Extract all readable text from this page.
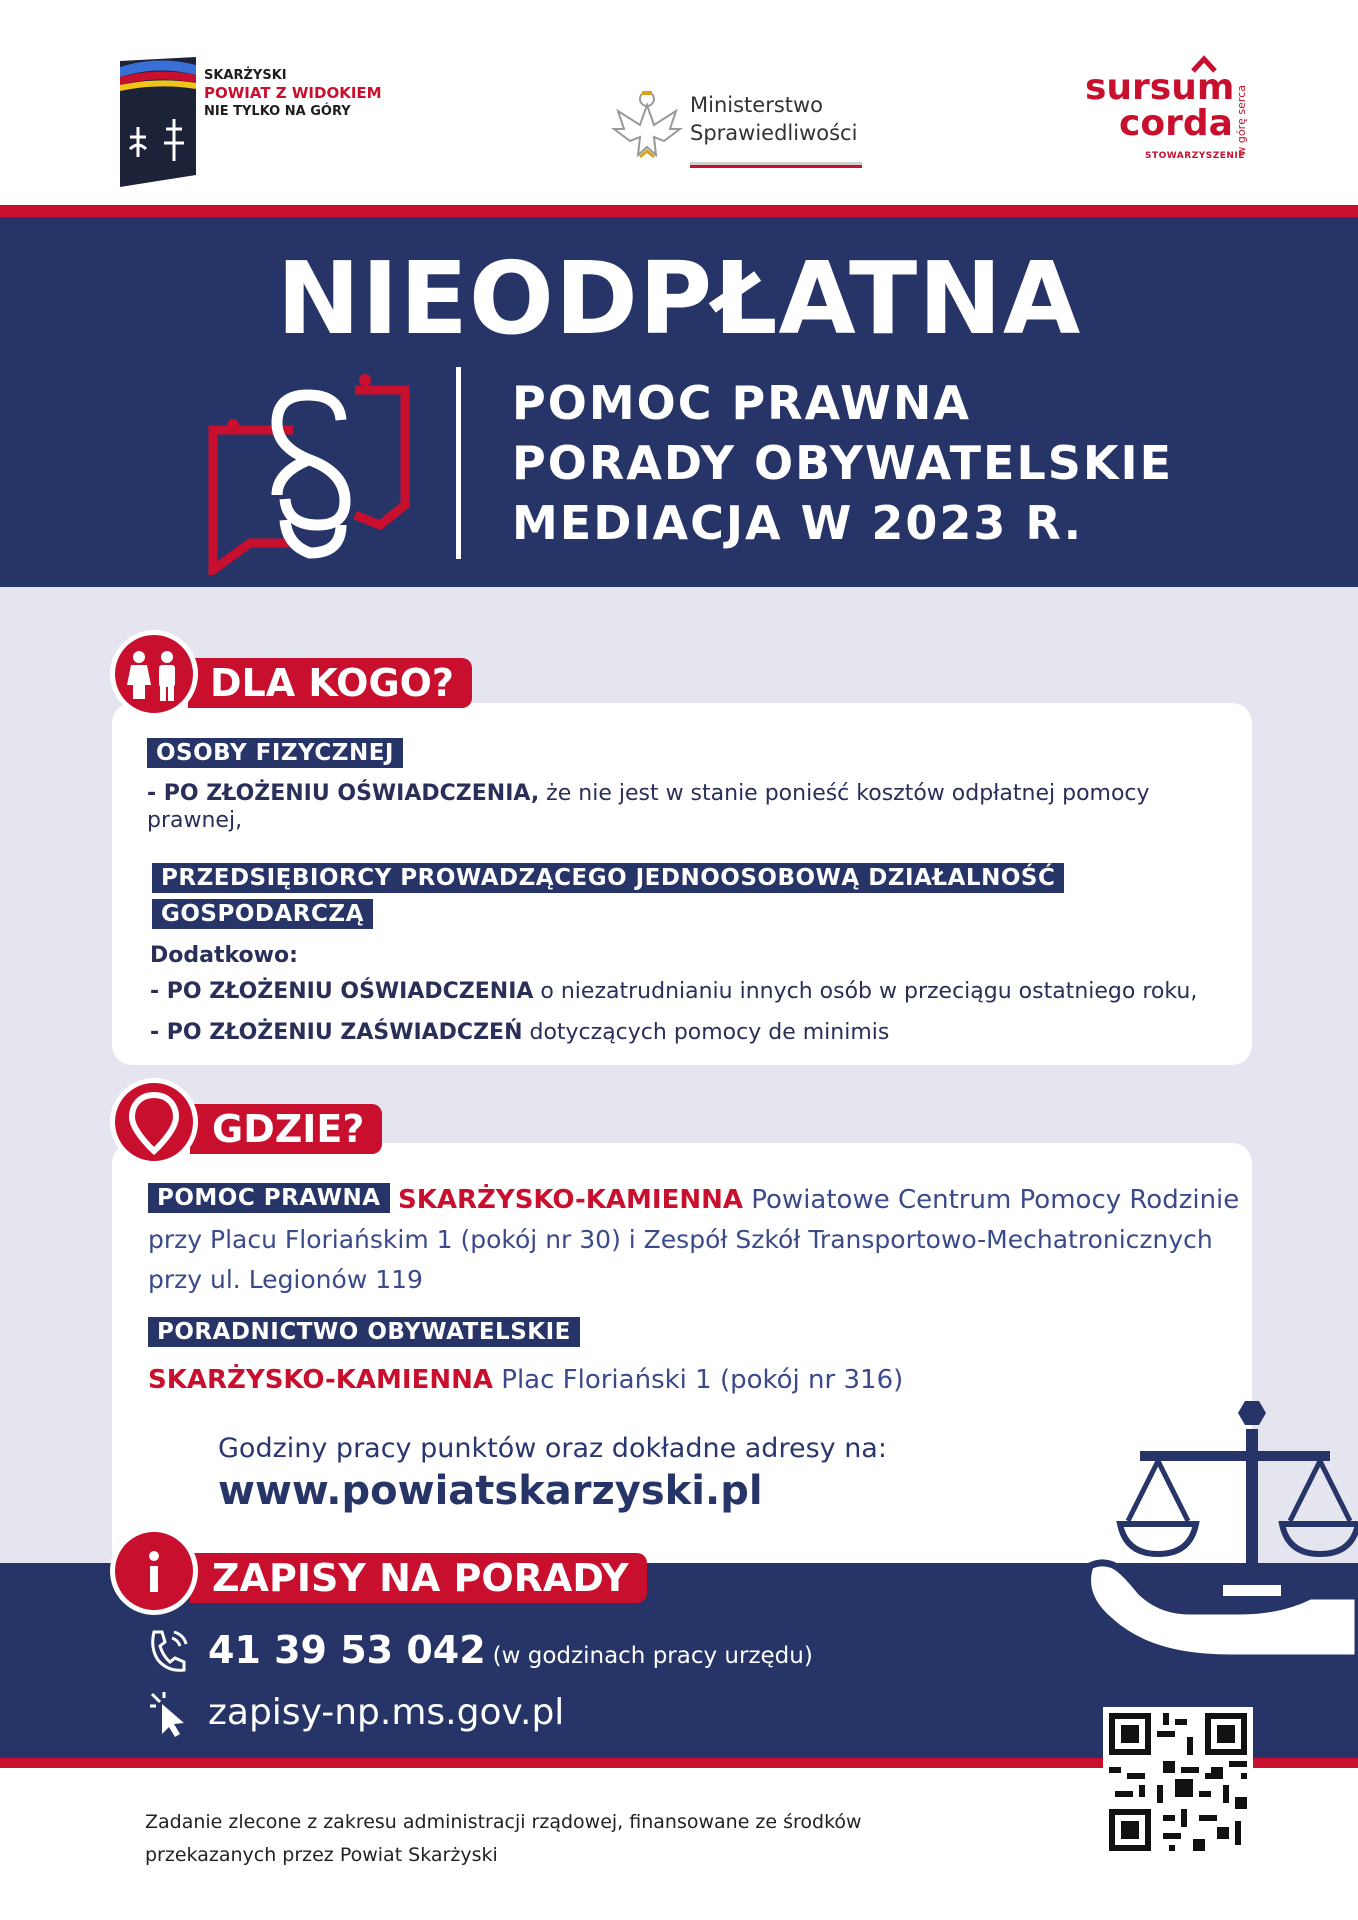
SKARŻYSKI
POWIAT Z WIDOKIEM
NIE TYLKO NA GÓRY	Ministerstwo
Sprawiedliwości
sursum
corda
STOWARZYSZENIE
w górę serca
NIEODPŁATNA
POMOC PRAWNA
PORADY OBYWATELSKIE
MEDIACJA W 2023 R.
DLA KOGO?
OSOBY FIZYCZNEJ
- PO ZŁOŻENIU OŚWIADCZENIA, że nie jest w stanie ponieść kosztów odpłatnej pomocy
prawnej,
PRZEDSIĘBIORCY PROWADZĄCEGO JEDNOOSOBOWĄ DZIAŁALNOŚĆ
GOSPODARCZĄ
Dodatkowo:
- PO ZŁOŻENIU OŚWIADCZENIA o niezatrudnianiu innych osób w przeciągu ostatniego roku,
- PO ZŁOŻENIU ZAŚWIADCZEŃ dotyczących pomocy de minimis
GDZIE?
POMOC PRAWNA SKARŻYSKO-KAMIENNA Powiatowe Centrum Pomocy Rodzinie
przy Placu Floriańskim 1 (pokój nr 30) i Zespół Szkół Transportowo-Mechatronicznych
przy ul. Legionów 119
PORADNICTWO OBYWATELSKIE
SKARŻYSKO-KAMIENNA Plac Floriański 1 (pokój nr 316)
Godziny pracy punktów oraz dokładne adresy na:
www.powiatskarzyski.pl
ZAPISY NA PORADY
41 39 53 042 (w godzinach pracy urzędu)
zapisy-np.ms.gov.pl
Zadanie zlecone z zakresu administracji rządowej, finansowane ze środków
przekazanych przez Powiat Skarżyski
